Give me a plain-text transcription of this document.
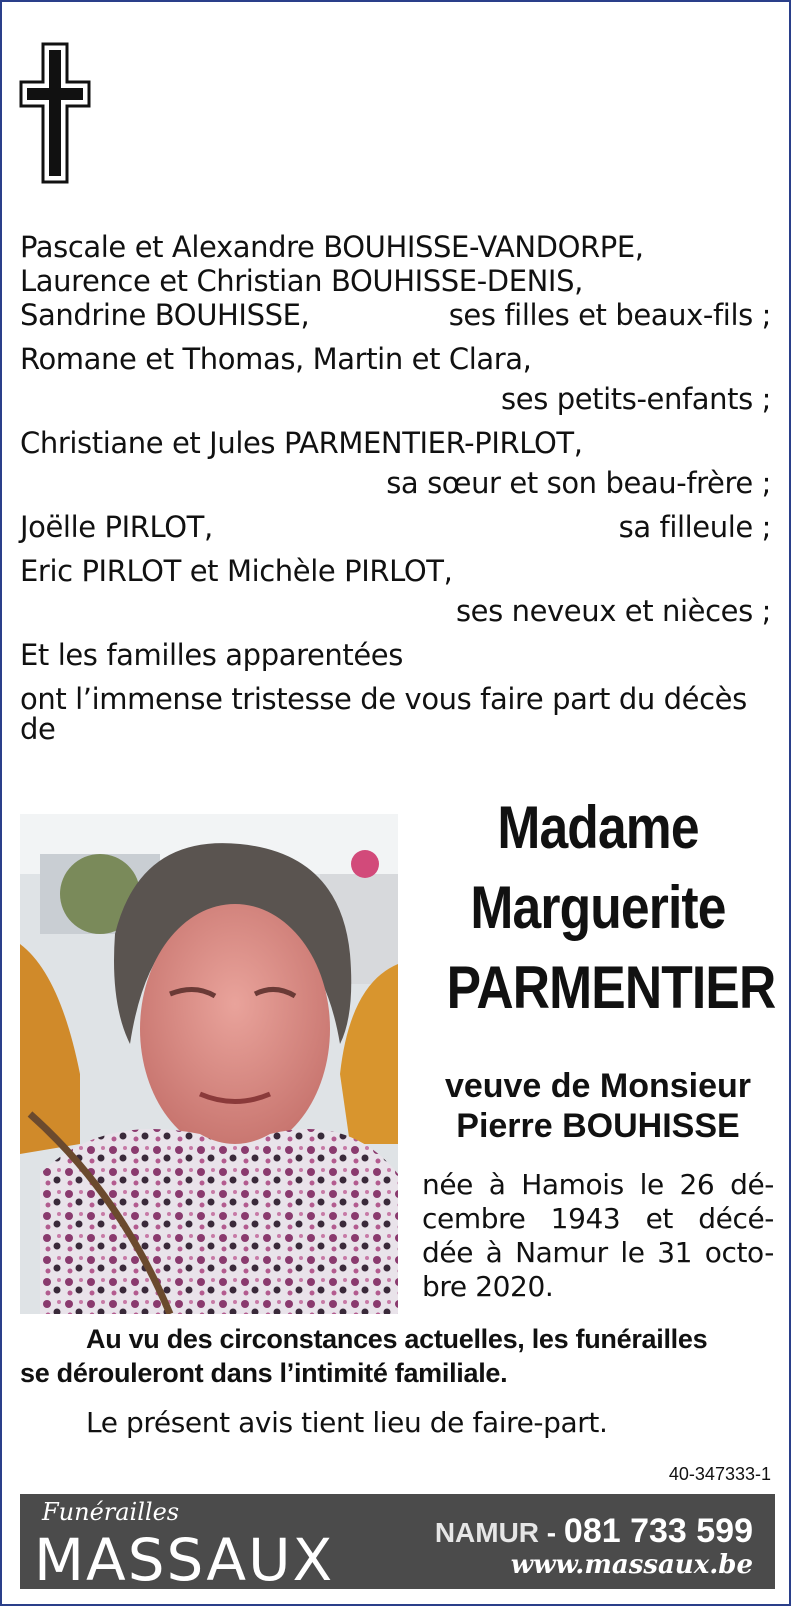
Pascale et Alexandre BOUHISSE-VANDORPE,
Laurence et Christian BOUHISSE-DENIS,
Sandrine BOUHISSE,	ses filles et beaux-fils ;
Romane et Thomas, Martin et Clara,
ses petits-enfants ;
Christiane et Jules PARMENTIER-PIRLOT,
sa sœur et son beau-frère ;
Joëlle PIRLOT,	sa filleule ;
Eric PIRLOT et Michèle PIRLOT,
ses neveux et nièces ;
Et les familles apparentées
ont l’immense tristesse de vous faire part du décès
de
Madame
Marguerite
PARMENTIER
veuve de Monsieur
Pierre BOUHISSE
née à Hamois le 26 dé-
cembre 1943 et décé-
dée à Namur le 31 octo-
bre 2020.
Au vu des circonstances actuelles, les funérailles
se dérouleront dans l’intimité familiale.
Le présent avis tient lieu de faire-part.
40-347333-1
Funérailles
MASSAUX	NAMUR - 081 733 599
www.massaux.be
